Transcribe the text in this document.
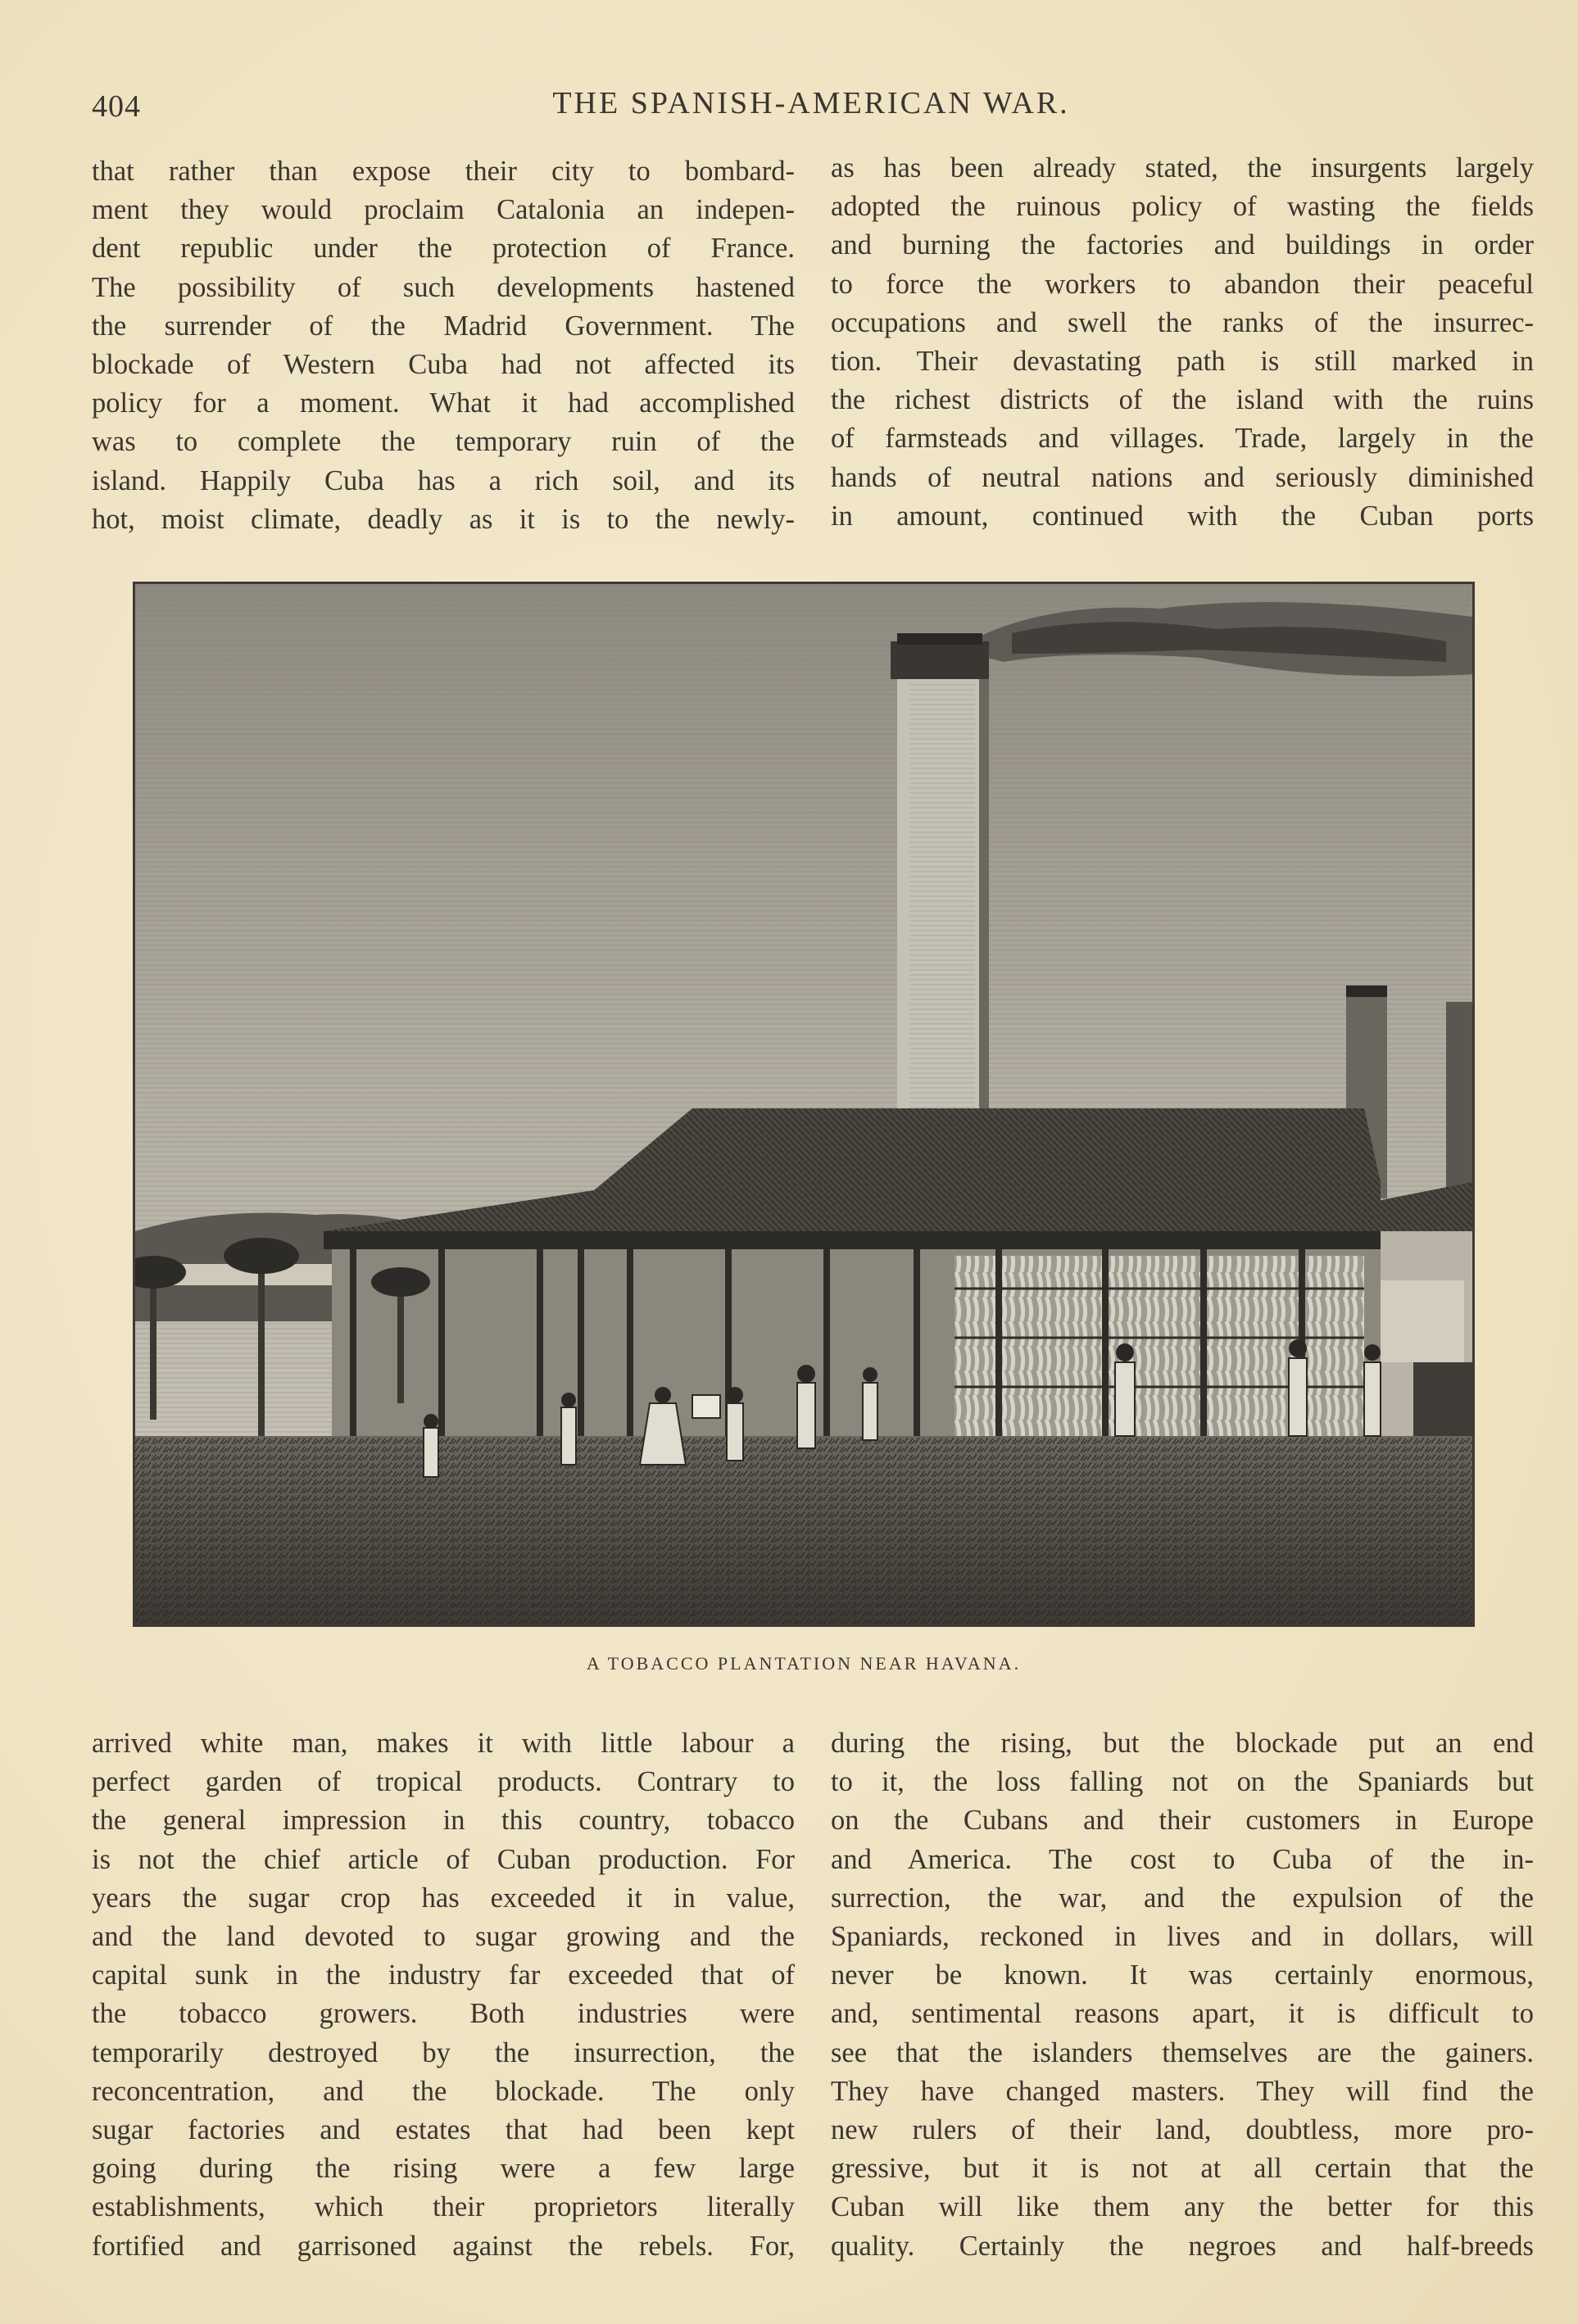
404	THE SPANISH-AMERICAN WAR.
that rather than expose their city to bombard-
ment they would proclaim Catalonia an indepen-
dent republic under the protection of France.
The possibility of such developments hastened
the surrender of the Madrid Government. The
blockade of Western Cuba had not affected its
policy for a moment. What it had accomplished
was to complete the temporary ruin of the
island. Happily Cuba has a rich soil, and its
hot, moist climate, deadly as it is to the newly-
as has been already stated, the insurgents largely
adopted the ruinous policy of wasting the fields
and burning the factories and buildings in order
to force the workers to abandon their peaceful
occupations and swell the ranks of the insurrec-
tion. Their devastating path is still marked in
the richest districts of the island with the ruins
of farmsteads and villages. Trade, largely in the
hands of neutral nations and seriously diminished
in amount, continued with the Cuban ports
A TOBACCO PLANTATION NEAR HAVANA.
arrived white man, makes it with little labour a
perfect garden of tropical products. Contrary to
the general impression in this country, tobacco
is not the chief article of Cuban production. For
years the sugar crop has exceeded it in value,
and the land devoted to sugar growing and the
capital sunk in the industry far exceeded that of
the tobacco growers. Both industries were
temporarily destroyed by the insurrection, the
reconcentration, and the blockade. The only
sugar factories and estates that had been kept
going during the rising were a few large
establishments, which their proprietors literally
fortified and garrisoned against the rebels. For,
during the rising, but the blockade put an end
to it, the loss falling not on the Spaniards but
on the Cubans and their customers in Europe
and America. The cost to Cuba of the in-
surrection, the war, and the expulsion of the
Spaniards, reckoned in lives and in dollars, will
never be known. It was certainly enormous,
and, sentimental reasons apart, it is difficult to
see that the islanders themselves are the gainers.
They have changed masters. They will find the
new rulers of their land, doubtless, more pro-
gressive, but it is not at all certain that the
Cuban will like them any the better for this
quality. Certainly the negroes and half-breeds
